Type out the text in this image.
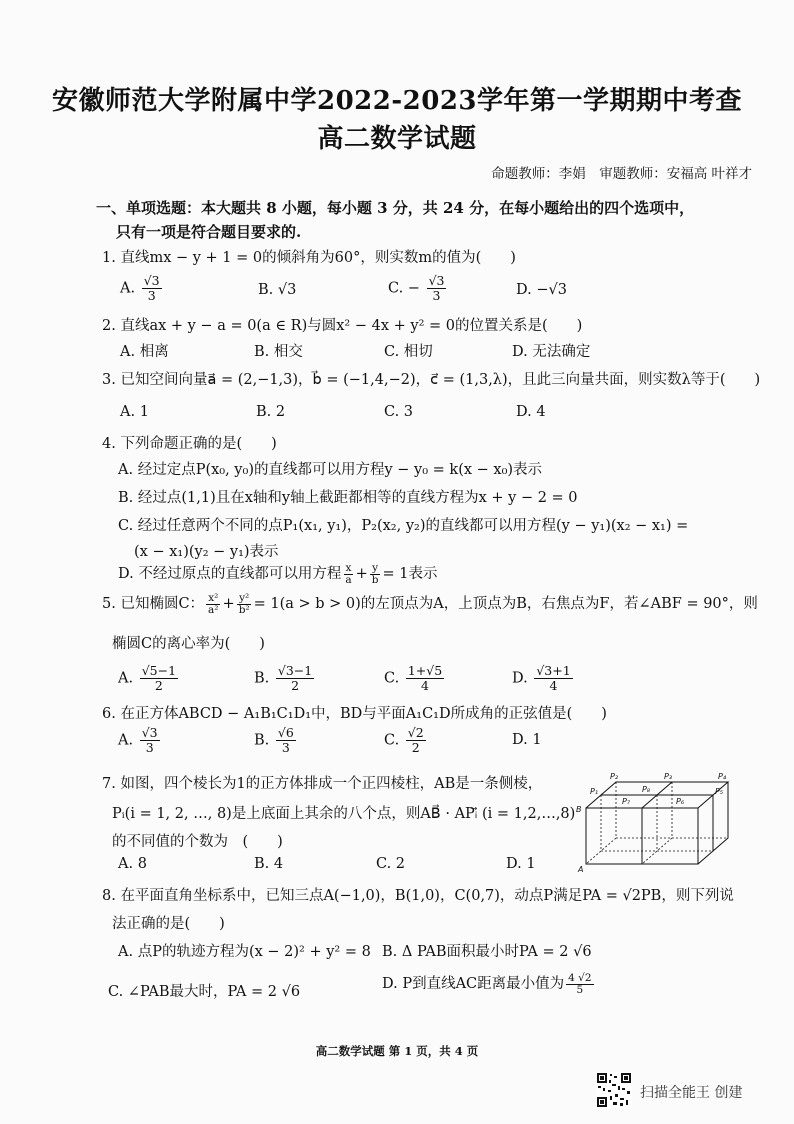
安徽师范大学附属中学2022-2023学年第一学期期中考查
高二数学试题
命题教师：李娟　审题教师：安福高 叶祥才
一、单项选题：本大题共 8 小题，每小题 3 分，共 24 分，在每小题给出的四个选项中，
只有一项是符合题目要求的.
1. 直线mx − y + 1 = 0的倾斜角为60°，则实数m的值为(　　)
A. $\frac{√3}{3}$	B. √3	C. − $\frac{√3}{3}$	D. −√3
2. 直线ax + y − a = 0(a ∈ R)与圆x² − 4x + y² = 0的位置关系是(　　)
A. 相离	B. 相交	C. 相切	D. 无法确定
3. 已知空间向量a⃗ = (2,−1,3)，b⃗ = (−1,4,−2)，c⃗ = (1,3,λ)，且此三向量共面，则实数λ等于(　　)
A. 1	B. 2	C. 3	D. 4
4. 下列命题正确的是(　　)
A. 经过定点P(x₀, y₀)的直线都可以用方程y − y₀ = k(x − x₀)表示
B. 经过点(1,1)且在x轴和y轴上截距都相等的直线方程为x + y − 2 = 0
C. 经过任意两个不同的点P₁(x₁, y₁)，P₂(x₂, y₂)的直线都可以用方程(y − y₁)(x₂ − x₁) =
(x − x₁)(y₂ − y₁)表示
D. 不经过原点的直线都可以用方程 $\frac{x}{a} + \frac{y}{b} = 1$表示
5. 已知椭圆C： $\frac{\text{x²}}{\text{a²}} + \frac{\text{y²}}{\text{b²}} = 1(a > b > 0)$的左顶点为A，上顶点为B，右焦点为F，若∠ABF = 90°，则
椭圆C的离心率为(　　)
A. $\frac{√5-1}{2}$	B. $\frac{√3-1}{2}$	C. $\frac{1+√5}{4}$	D. $\frac{√3+1}{4}$
6. 在正方体ABCD − A₁B₁C₁D₁中，BD与平面A₁C₁D所成角的正弦值是(　　)
A. $\frac{√3}{3}$	B. $\frac{√6}{3}$	C. $\frac{√2}{2}$	D. 1
7. 如图，四个棱长为1的正方体排成一个正四棱柱，AB是一条侧棱，
Pᵢ(i = 1, 2, …, 8)是上底面上其余的八个点，则AB⃗ · APᵢ⃗ (i = 1,2,…,8)
的不同值的个数为　(　　)
A. 8	B. 4	C. 2	D. 1
P₂	P₃	P₄
P₁	P₈	P₅
P₇	P₆
B
A
8. 在平面直角坐标系中，已知三点A(−1,0)，B(1,0)，C(0,7)，动点P满足PA = √2PB，则下列说
法正确的是(　　)
A. 点P的轨迹方程为(x − 2)² + y² = 8 B. Δ PAB面积最小时PA = 2 √6
C. ∠PAB最大时，PA = 2 √6	D. P到直线AC距离最小值为 $\frac{4 √2}{5}$
高二数学试题 第 1 页，共 4 页
扫描全能王 创建
